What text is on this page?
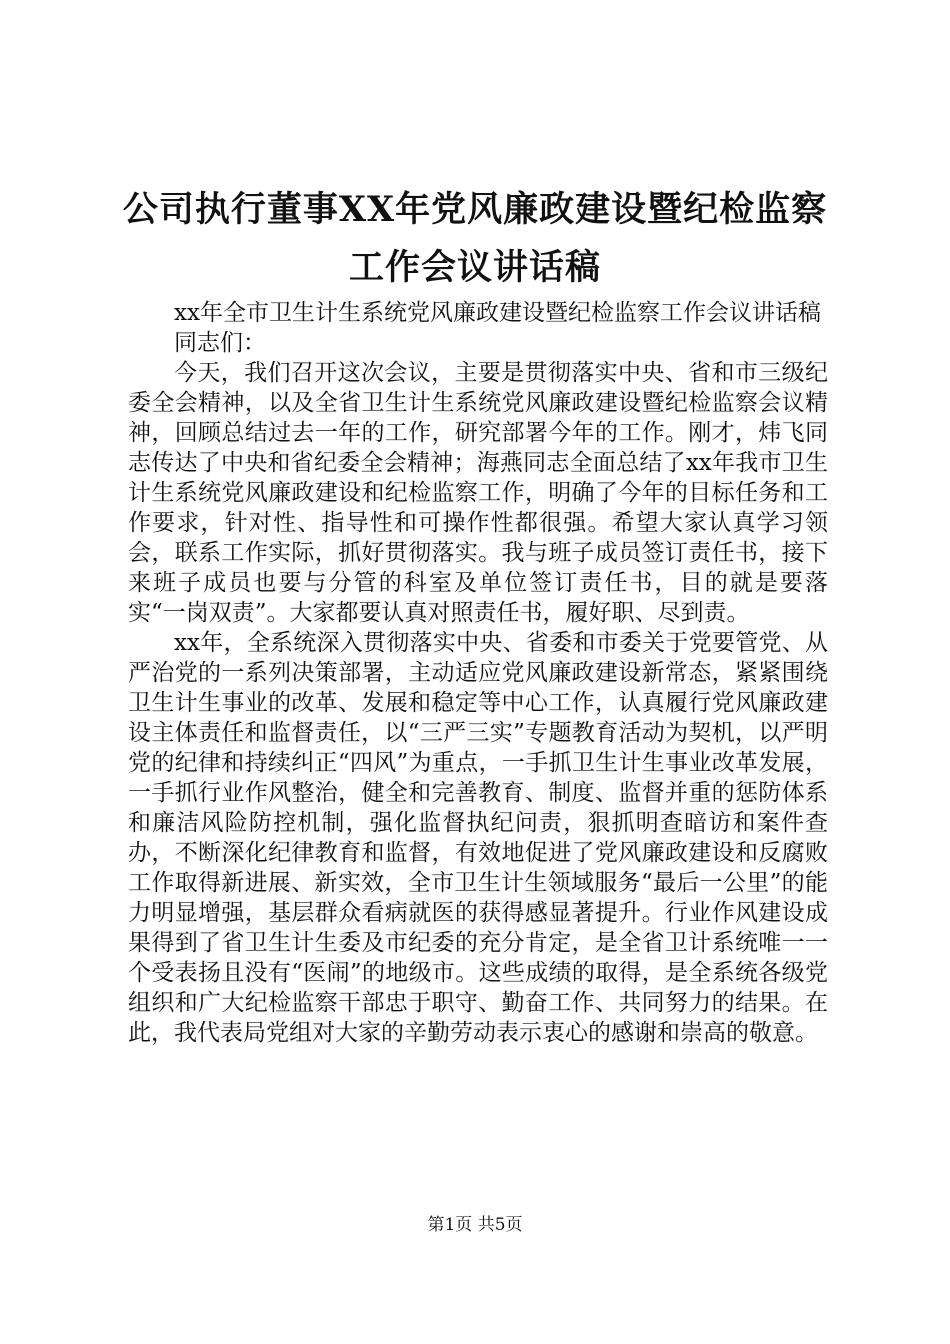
公司执行董事XX年党风廉政建设暨纪检监察
工作会议讲话稿

xx年全市卫生计生系统党风廉政建设暨纪检监察工作会议讲话稿

同志们：

今天，我们召开这次会议，主要是贯彻落实中央、省和市三级纪委全会精神，以及全省卫生计生系统党风廉政建设暨纪检监察会议精神，回顾总结过去一年的工作，研究部署今年的工作。刚才，炜飞同志传达了中央和省纪委全会精神；海燕同志全面总结了xx年我市卫生计生系统党风廉政建设和纪检监察工作，明确了今年的目标任务和工作要求，针对性、指导性和可操作性都很强。希望大家认真学习领会，联系工作实际，抓好贯彻落实。我与班子成员签订责任书，接下来班子成员也要与分管的科室及单位签订责任书，目的就是要落实“一岗双责”。大家都要认真对照责任书，履好职、尽到责。

xx年，全系统深入贯彻落实中央、省委和市委关于党要管党、从严治党的一系列决策部署，主动适应党风廉政建设新常态，紧紧围绕卫生计生事业的改革、发展和稳定等中心工作，认真履行党风廉政建设主体责任和监督责任，以“三严三实”专题教育活动为契机，以严明党的纪律和持续纠正“四风”为重点，一手抓卫生计生事业改革发展，一手抓行业作风整治，健全和完善教育、制度、监督并重的惩防体系和廉洁风险防控机制，强化监督执纪问责，狠抓明查暗访和案件查办，不断深化纪律教育和监督，有效地促进了党风廉政建设和反腐败工作取得新进展、新实效，全市卫生计生领域服务“最后一公里”的能力明显增强，基层群众看病就医的获得感显著提升。行业作风建设成果得到了省卫生计生委及市纪委的充分肯定，是全省卫计系统唯一一个受表扬且没有“医闹”的地级市。这些成绩的取得，是全系统各级党组织和广大纪检监察干部忠于职守、勤奋工作、共同努力的结果。在此，我代表局党组对大家的辛勤劳动表示衷心的感谢和崇高的敬意。

第1页 共5页
